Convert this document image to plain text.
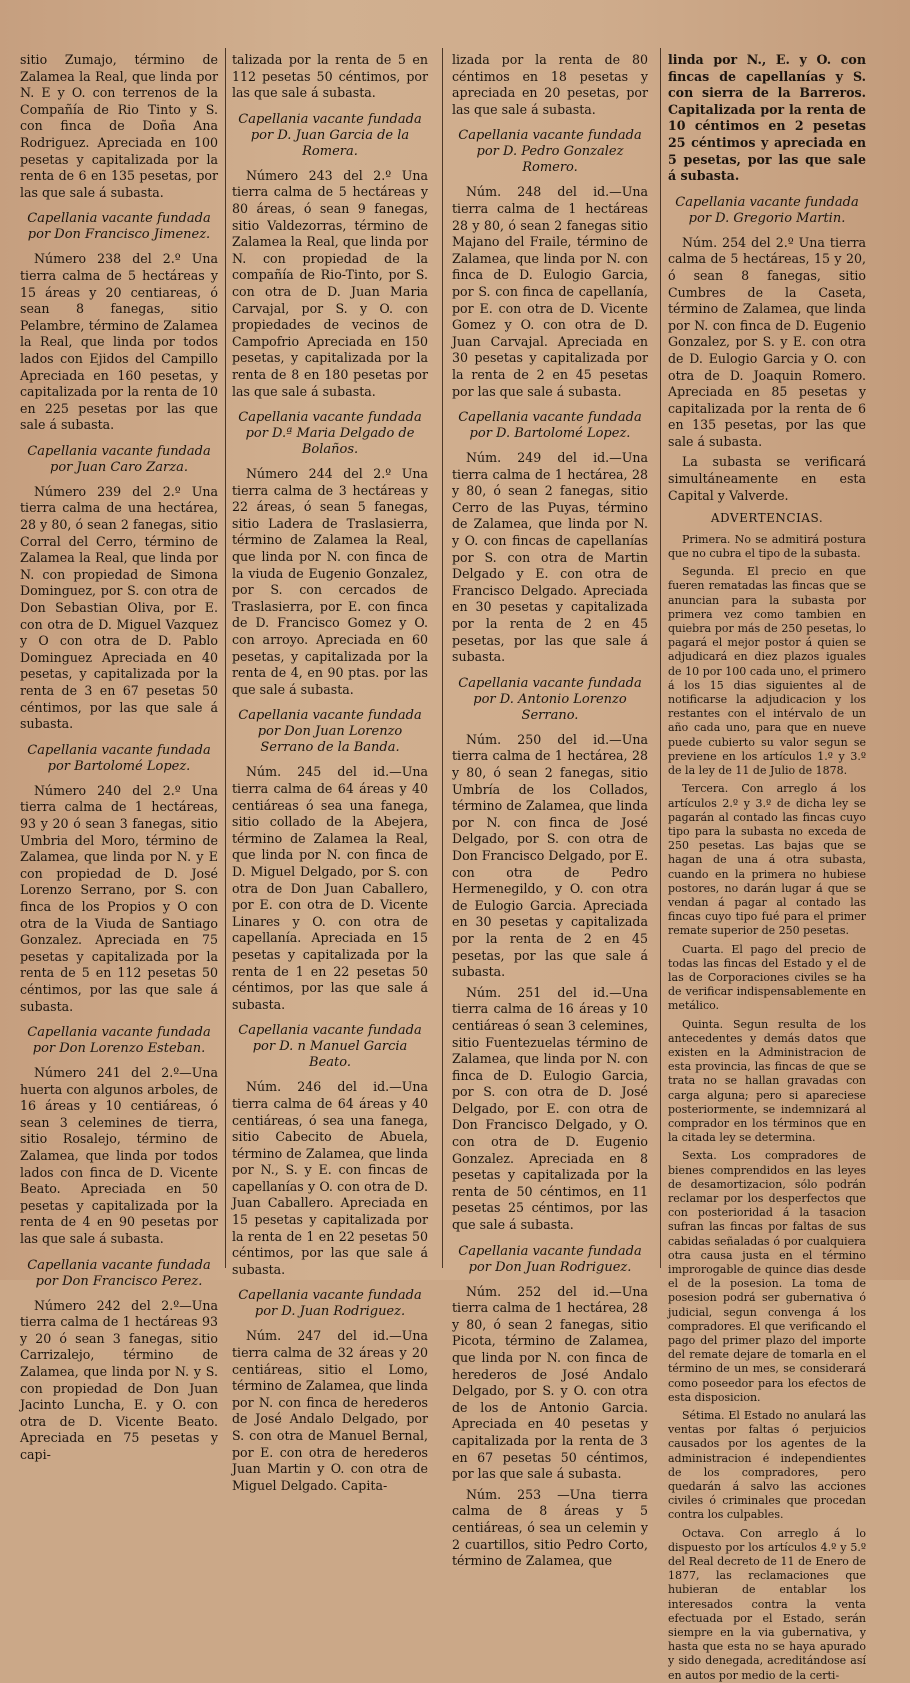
sitio Zumajo, término de Zalamea la Real, que linda por N. E y O. con terrenos de la Compañía de Rio Tinto y S. con finca de Doña Ana Rodriguez. Apreciada en 100 pesetas y capitalizada por la renta de 6 en 135 pesetas, por las que sale á subasta.

Capellania vacante fundada por Don Francisco Jimenez.

Número 238 del 2.º Una tierra calma de 5 hectáreas y 15 áreas y 20 centiareas, ó sean 8 fanegas, sitio Pelambre, término de Zalamea la Real, que linda por todos lados con Ejidos del Campillo Apreciada en 160 pesetas, y capitalizada por la renta de 10 en 225 pesetas por las que sale á subasta.

Capellania vacante fundada por Juan Caro Zarza.

Número 239 del 2.º Una tierra calma de una hectárea, 28 y 80, ó sean 2 fanegas, sitio Corral del Cerro, término de Zalamea la Real, que linda por N. con propiedad de Simona Dominguez, por S. con otra de Don Sebastian Oliva, por E. con otra de D. Miguel Vazquez y O con otra de D. Pablo Dominguez Apreciada en 40 pesetas, y capitalizada por la renta de 3 en 67 pesetas 50 céntimos, por las que sale á subasta.

Capellania vacante fundada por Bartolomé Lopez.

Número 240 del 2.º Una tierra calma de 1 hectáreas, 93 y 20 ó sean 3 fanegas, sitio Umbria del Moro, término de Zalamea, que linda por N. y E con propiedad de D. José Lorenzo Serrano, por S. con finca de los Propios y O con otra de la Viuda de Santiago Gonzalez. Apreciada en 75 pesetas y capitalizada por la renta de 5 en 112 pesetas 50 céntimos, por las que sale á subasta.

Capellania vacante fundada por Don Lorenzo Esteban.

Número 241 del 2.º—Una huerta con algunos arboles, de 16 áreas y 10 centiáreas, ó sean 3 celemines de tierra, sitio Rosalejo, término de Zalamea, que linda por todos lados con finca de D. Vicente Beato. Apreciada en 50 pesetas y capitalizada por la renta de 4 en 90 pesetas por las que sale á subasta.

Capellania vacante fundada por Don Francisco Perez.

Número 242 del 2.º—Una tierra calma de 1 hectáreas 93 y 20 ó sean 3 fanegas, sitio Carrizalejo, término de Zalamea, que linda por N. y S. con propiedad de Don Juan Jacinto Luncha, E. y O. con otra de D. Vicente Beato. Apreciada en 75 pesetas y capi-

talizada por la renta de 5 en 112 pesetas 50 céntimos, por las que sale á subasta.

Capellania vacante fundada por D. Juan Garcia de la Romera.

Número 243 del 2.º Una tierra calma de 5 hectáreas y 80 áreas, ó sean 9 fanegas, sitio Valdezorras, término de Zalamea la Real, que linda por N. con propiedad de la compañía de Rio-Tinto, por S. con otra de D. Juan Maria Carvajal, por S. y O. con propiedades de vecinos de Campofrio Apreciada en 150 pesetas, y capitalizada por la renta de 8 en 180 pesetas por las que sale á subasta.

Capellania vacante fundada por D.ª Maria Delgado de Bolaños.

Número 244 del 2.º Una tierra calma de 3 hectáreas y 22 áreas, ó sean 5 fanegas, sitio Ladera de Traslasierra, término de Zalamea la Real, que linda por N. con finca de la viuda de Eugenio Gonzalez, por S. con cercados de Traslasierra, por E. con finca de D. Francisco Gomez y O. con arroyo. Apreciada en 60 pesetas, y capitalizada por la renta de 4, en 90 ptas. por las que sale á subasta.

Capellania vacante fundada por Don Juan Lorenzo Serrano de la Banda.

Núm. 245 del id.—Una tierra calma de 64 áreas y 40 centiáreas ó sea una fanega, sitio collado de la Abejera, término de Zalamea la Real, que linda por N. con finca de D. Miguel Delgado, por S. con otra de Don Juan Caballero, por E. con otra de D. Vicente Linares y O. con otra de capellanía. Apreciada en 15 pesetas y capitalizada por la renta de 1 en 22 pesetas 50 céntimos, por las que sale á subasta.

Capellania vacante fundada por D. n Manuel Garcia Beato.

Núm. 246 del id.—Una tierra calma de 64 áreas y 40 centiáreas, ó sea una fanega, sitio Cabecito de Abuela, término de Zalamea, que linda por N., S. y E. con fincas de capellanías y O. con otra de D. Juan Caballero. Apreciada en 15 pesetas y capitalizada por la renta de 1 en 22 pesetas 50 céntimos, por las que sale á subasta.

Capellania vacante fundada por D. Juan Rodriguez.

Núm. 247 del id.—Una tierra calma de 32 áreas y 20 centiáreas, sitio el Lomo, término de Zalamea, que linda por N. con finca de herederos de José Andalo Delgado, por S. con otra de Manuel Bernal, por E. con otra de herederos Juan Martin y O. con otra de Miguel Delgado. Capita-

lizada por la renta de 80 céntimos en 18 pesetas y apreciada en 20 pesetas, por las que sale á subasta.

Capellania vacante fundada por D. Pedro Gonzalez Romero.

Núm. 248 del id.—Una tierra calma de 1 hectáreas 28 y 80, ó sean 2 fanegas sitio Majano del Fraile, término de Zalamea, que linda por N. con finca de D. Eulogio Garcia, por S. con finca de capellanía, por E. con otra de D. Vicente Gomez y O. con otra de D. Juan Carvajal. Apreciada en 30 pesetas y capitalizada por la renta de 2 en 45 pesetas por las que sale á subasta.

Capellania vacante fundada por D. Bartolomé Lopez.

Núm. 249 del id.—Una tierra calma de 1 hectárea, 28 y 80, ó sean 2 fanegas, sitio Cerro de las Puyas, término de Zalamea, que linda por N. y O. con fincas de capellanías por S. con otra de Martin Delgado y E. con otra de Francisco Delgado. Apreciada en 30 pesetas y capitalizada por la renta de 2 en 45 pesetas, por las que sale á subasta.

Capellania vacante fundada por D. Antonio Lorenzo Serrano.

Núm. 250 del id.—Una tierra calma de 1 hectárea, 28 y 80, ó sean 2 fanegas, sitio Umbría de los Collados, término de Zalamea, que linda por N. con finca de José Delgado, por S. con otra de Don Francisco Delgado, por E. con otra de Pedro Hermenegildo, y O. con otra de Eulogio Garcia. Apreciada en 30 pesetas y capitalizada por la renta de 2 en 45 pesetas, por las que sale á subasta.

Núm. 251 del id.—Una tierra calma de 16 áreas y 10 centiáreas ó sean 3 celemines, sitio Fuentezuelas término de Zalamea, que linda por N. con finca de D. Eulogio Garcia, por S. con otra de D. José Delgado, por E. con otra de Don Francisco Delgado, y O. con otra de D. Eugenio Gonzalez. Apreciada en 8 pesetas y capitalizada por la renta de 50 céntimos, en 11 pesetas 25 céntimos, por las que sale á subasta.

Capellania vacante fundada por Don Juan Rodriguez.

Núm. 252 del id.—Una tierra calma de 1 hectárea, 28 y 80, ó sean 2 fanegas, sitio Picota, término de Zalamea, que linda por N. con finca de herederos de José Andalo Delgado, por S. y O. con otra de los de Antonio Garcia. Apreciada en 40 pesetas y capitalizada por la renta de 3 en 67 pesetas 50 céntimos, por las que sale á subasta.

Núm. 253 —Una tierra calma de 8 áreas y 5 centiáreas, ó sea un celemin y 2 cuartillos, sitio Pedro Corto, término de Zalamea, que

linda por N., E. y O. con fincas de capellanías y S. con sierra de la Barreros. Capitalizada por la renta de 10 céntimos en 2 pesetas 25 céntimos y apreciada en 5 pesetas, por las que sale á subasta.

Capellania vacante fundada por D. Gregorio Martin.

Núm. 254 del 2.º Una tierra calma de 5 hectáreas, 15 y 20, ó sean 8 fanegas, sitio Cumbres de la Caseta, término de Zalamea, que linda por N. con finca de D. Eugenio Gonzalez, por S. y E. con otra de D. Eulogio Garcia y O. con otra de D. Joaquin Romero. Apreciada en 85 pesetas y capitalizada por la renta de 6 en 135 pesetas, por las que sale á subasta.

La subasta se verificará simultáneamente en esta Capital y Valverde.

ADVERTENCIAS.

Primera. No se admitirá postura que no cubra el tipo de la subasta.

Segunda. El precio en que fueren rematadas las fincas que se anuncian para la subasta por primera vez como tambien en quiebra por más de 250 pesetas, lo pagará el mejor postor á quien se adjudicará en diez plazos iguales de 10 por 100 cada uno, el primero á los 15 dias siguientes al de notificarse la adjudicacion y los restantes con el intérvalo de un año cada uno, para que en nueve puede cubierto su valor segun se previene en los artículos 1.º y 3.º de la ley de 11 de Julio de 1878.

Tercera. Con arreglo á los artículos 2.º y 3.º de dicha ley se pagarán al contado las fincas cuyo tipo para la subasta no exceda de 250 pesetas. Las bajas que se hagan de una á otra subasta, cuando en la primera no hubiese postores, no darán lugar á que se vendan á pagar al contado las fincas cuyo tipo fué para el primer remate superior de 250 pesetas.

Cuarta. El pago del precio de todas las fincas del Estado y el de las de Corporaciones civiles se ha de verificar indispensablemente en metálico.

Quinta. Segun resulta de los antecedentes y demás datos que existen en la Administracion de esta provincia, las fincas de que se trata no se hallan gravadas con carga alguna; pero si apareciese posteriormente, se indemnizará al comprador en los términos que en la citada ley se determina.

Sexta. Los compradores de bienes comprendidos en las leyes de desamortizacion, sólo podrán reclamar por los desperfectos que con posterioridad á la tasacion sufran las fincas por faltas de sus cabidas señaladas ó por cualquiera otra causa justa en el término improrogable de quince dias desde el de la posesion. La toma de posesion podrá ser gubernativa ó judicial, segun convenga á los compradores. El que verificando el pago del primer plazo del importe del remate dejare de tomarla en el término de un mes, se considerará como poseedor para los efectos de esta disposicion.

Sétima. El Estado no anulará las ventas por faltas ó perjuicios causados por los agentes de la administracion é independientes de los compradores, pero quedarán á salvo las acciones civiles ó criminales que procedan contra los culpables.

Octava. Con arreglo á lo dispuesto por los artículos 4.º y 5.º del Real decreto de 11 de Enero de 1877, las reclamaciones que hubieran de entablar los interesados contra la venta efectuada por el Estado, serán siempre en la via gubernativa, y hasta que esta no se haya apurado y sido denegada, acreditándose así en autos por medio de la certi-
